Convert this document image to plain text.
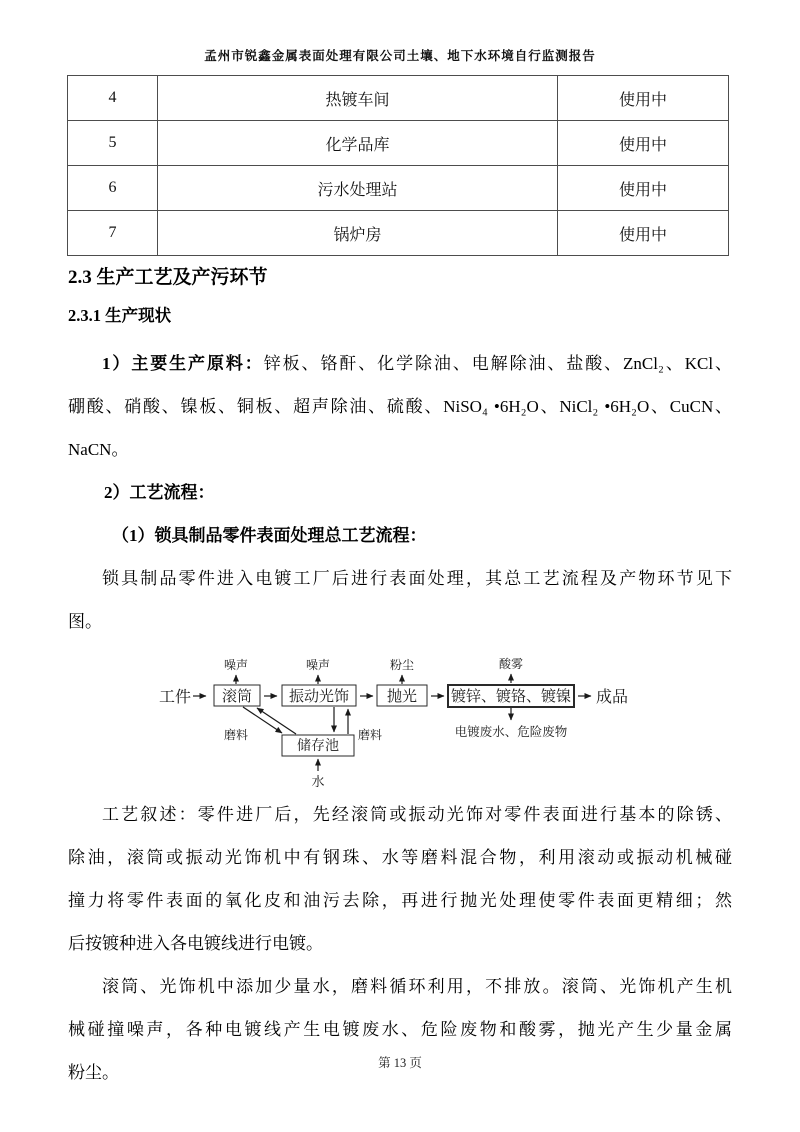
孟州市锐鑫金属表面处理有限公司土壤、地下水环境自行监测报告
4	热镀车间	使用中
5	化学品库	使用中
6	污水处理站	使用中
7	锅炉房	使用中
2.3 生产工艺及产污环节
2.3.1 生产现状
1）主要生产原料：锌板、铬酐、化学除油、电解除油、盐酸、ZnCl₂、KCl、
硼酸、硝酸、镍板、铜板、超声除油、硫酸、NiSO₄ •6H₂O、NiCl₂ •6H₂O、CuCN、
NaCN。
2）工艺流程：
（1）锁具制品零件表面处理总工艺流程：
锁具制品零件进入电镀工厂后进行表面处理，其总工艺流程及产物环节见下
图。
工件 滚筒
噪声
振动光饰
噪声
抛光
粉尘
镀锌、镀铬、镀镍
酸雾
电镀废水、危险废物
成品
储存池
磨料	磨料
水
工艺叙述：零件进厂后，先经滚筒或振动光饰对零件表面进行基本的除锈、
除油，滚筒或振动光饰机中有钢珠、水等磨料混合物，利用滚动或振动机械碰
撞力将零件表面的氧化皮和油污去除，再进行抛光处理使零件表面更精细；然
后按镀种进入各电镀线进行电镀。
滚筒、光饰机中添加少量水，磨料循环利用，不排放。滚筒、光饰机产生机
械碰撞噪声，各种电镀线产生电镀废水、危险废物和酸雾，抛光产生少量金属
粉尘。	第 13 页
